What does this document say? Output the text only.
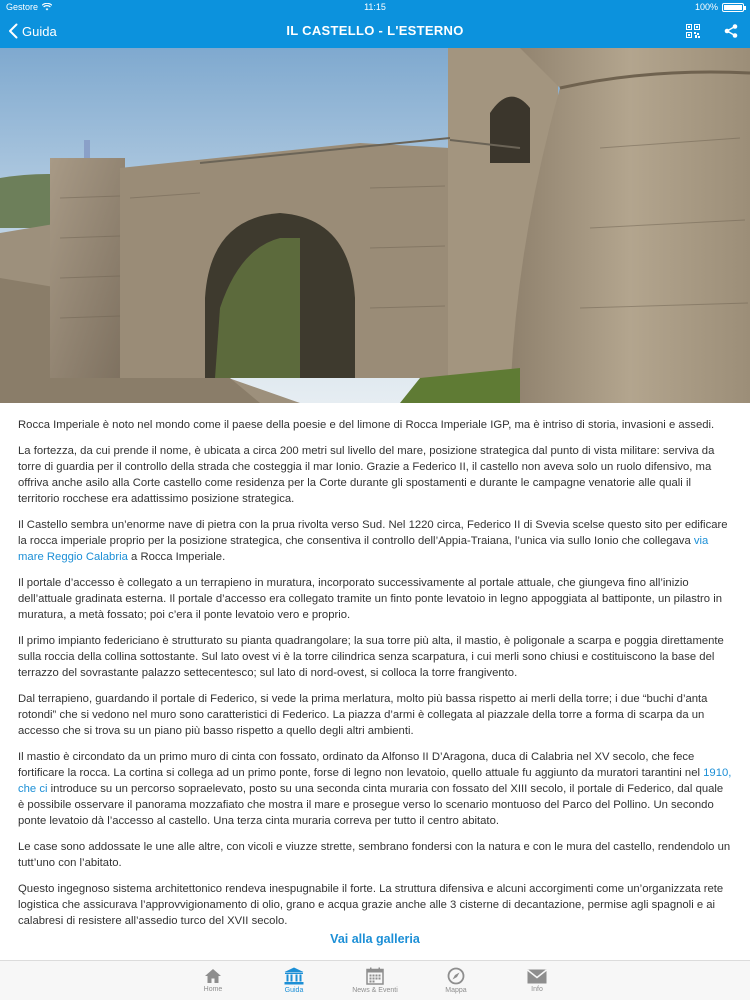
Gestore	11:15	100%
Guida	IL CASTELLO - L'ESTERNO

Rocca Imperiale è noto nel mondo come il paese della poesie e del limone di Rocca Imperiale IGP, ma è intriso di storia, invasioni e assedi.

La fortezza, da cui prende il nome, è ubicata a circa 200 metri sul livello del mare, posizione strategica dal punto di vista militare: serviva da torre di guardia per il controllo della strada che costeggia il mar Ionio. Grazie a Federico II, il castello non aveva solo un ruolo difensivo, ma offriva anche asilo alla Corte castello come residenza per la Corte durante gli spostamenti e durante le campagne venatorie alle quali il territorio rocchese era adattissimo posizione strategica.

Il Castello sembra un’enorme nave di pietra con la prua rivolta verso Sud. Nel 1220 circa, Federico II di Svevia scelse questo sito per edificare la rocca imperiale proprio per la posizione strategica, che consentiva il controllo dell’Appia-Traiana, l’unica via sullo Ionio che collegava via mare Reggio Calabria a Rocca Imperiale.

Il portale d’accesso è collegato a un terrapieno in muratura, incorporato successivamente al portale attuale, che giungeva fino all’inizio dell’attuale gradinata esterna. Il portale d’accesso era collegato tramite un finto ponte levatoio in legno appoggiata al battiponte, un pilastro in muratura, a metà fossato; poi c’era il ponte levatoio vero e proprio.

Il primo impianto federiciano è strutturato su pianta quadrangolare; la sua torre più alta, il mastio, è poligonale a scarpa e poggia direttamente sulla roccia della collina sottostante. Sul lato ovest vi è la torre cilindrica senza scarpatura, i cui merli sono chiusi e costituiscono la base del terrazzo del sovrastante palazzo settecentesco; sul lato di nord-ovest, si colloca la torre frangivento.

Dal terrapieno, guardando il portale di Federico, si vede la prima merlatura, molto più bassa rispetto ai merli della torre; i due “buchi d’anta rotondi” che si vedono nel muro sono caratteristici di Federico. La piazza d’armi è collegata al piazzale della torre a forma di scarpa da un accesso che si trova su un piano più basso rispetto a quello degli altri ambienti.

Il mastio è circondato da un primo muro di cinta con fossato, ordinato da Alfonso II D’Aragona, duca di Calabria nel XV secolo, che fece fortificare la rocca. La cortina si collega ad un primo ponte, forse di legno non levatoio, quello attuale fu aggiunto da muratori tarantini nel 1910, che ci introduce su un percorso sopraelevato, posto su una seconda cinta muraria con fossato del XIII secolo, il portale di Federico, dal quale è possibile osservare il panorama mozzafiato che mostra il mare e prosegue verso lo scenario montuoso del Parco del Pollino. Un secondo ponte levatoio dà l’accesso al castello. Una terza cinta muraria correva per tutto il centro abitato.

Le case sono addossate le une alle altre, con vicoli e viuzze strette, sembrano fondersi con la natura e con le mura del castello, rendendolo un tutt’uno con l’abitato.

Questo ingegnoso sistema architettonico rendeva inespugnabile il forte. La struttura difensiva e alcuni accorgimenti come un’organizzata rete logistica che assicurava l’approvvigionamento di olio, grano e acqua grazie anche alle 3 cisterne di decantazione, permise agli spagnoli e ai calabresi di resistere all’assedio turco del XVII secolo.

Vai alla galleria
Home	Guida	News & Eventi	Mappa	Info
